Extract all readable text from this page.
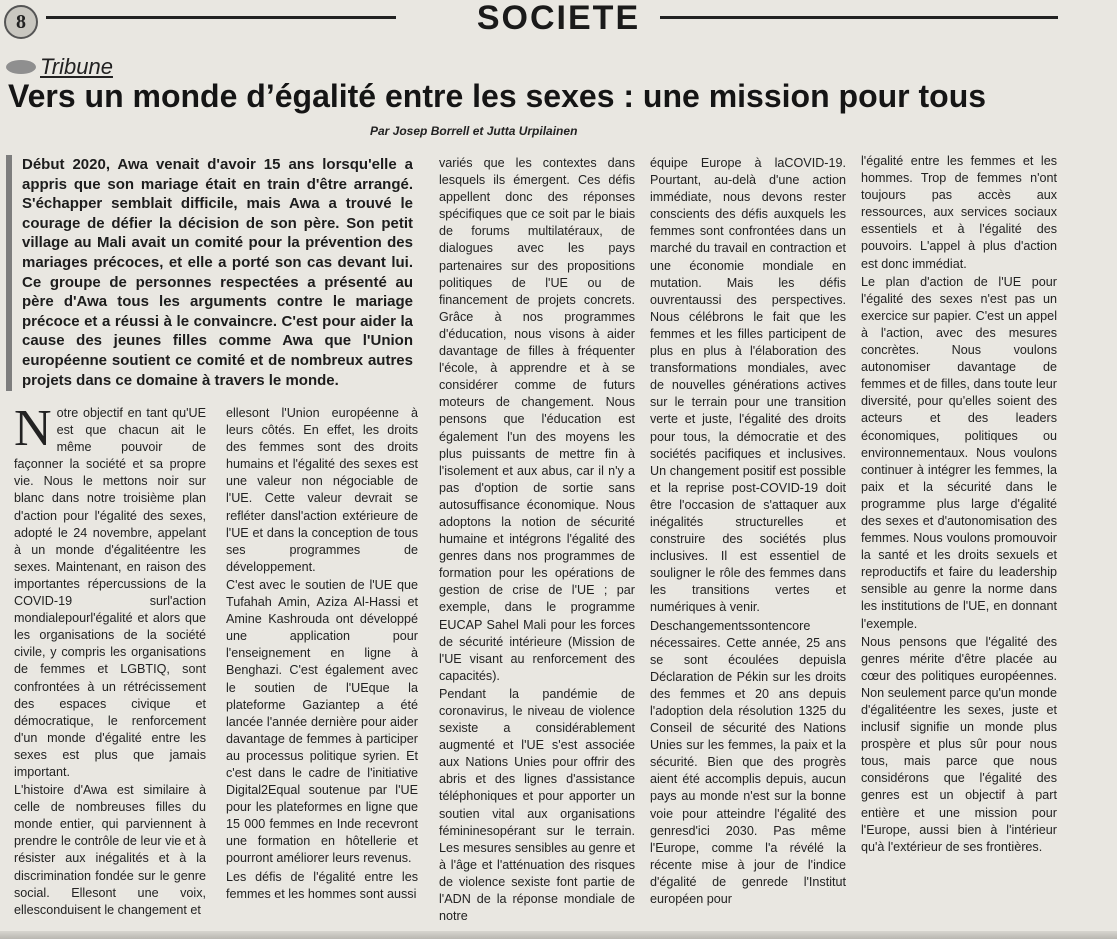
8	SOCIETE
Tribune
Vers un monde d’égalité entre les sexes : une mission pour tous
Par Josep Borrell et Jutta Urpilainen
Début 2020, Awa venait d'avoir 15 ans lorsqu'elle a appris que son mariage était en train d'être arrangé. S'échapper semblait difficile, mais Awa a trouvé le courage de défier la décision de son père. Son petit village au Mali avait un comité pour la prévention des mariages précoces, et elle a porté son cas devant lui. Ce groupe de personnes respectées a présenté au père d'Awa tous les arguments contre le mariage précoce et a réussi à le convaincre. C'est pour aider la cause des jeunes filles comme Awa que l'Union européenne soutient ce comité et de nombreux autres projets dans ce domaine à travers le monde.

Notre objectif en tant qu'UE est que chacun ait le même pouvoir de façonner la société et sa propre vie. Nous le mettons noir sur blanc dans notre troisième plan d'action pour l'égalité des sexes, adopté le 24 novembre, appelant à un monde d'égalitéentre les sexes. Maintenant, en raison des importantes répercussions de la COVID-19 surl'action mondialepourl'égalité et alors que les organisations de la société civile, y compris les organisations de femmes et LGBTIQ, sont confrontées à un rétrécissement des espaces civique et démocratique, le renforcement d'un monde d'égalité entre les sexes est plus que jamais important.

L'histoire d'Awa est similaire à celle de nombreuses filles du monde entier, qui parviennent à prendre le contrôle de leur vie et à résister aux inégalités et à la discrimination fondée sur le genre social. Ellesont une voix, ellesconduisent le changement et

ellesont l'Union européenne à leurs côtés. En effet, les droits des femmes sont des droits humains et l'égalité des sexes est une valeur non négociable de l'UE. Cette valeur devrait se refléter dansl'action extérieure de l'UE et dans la conception de tous ses programmes de développement.

C'est avec le soutien de l'UE que Tufahah Amin, Aziza Al-Hassi et Amine Kashrouda ont développé une application pour l'enseignement en ligne à Benghazi. C'est également avec le soutien de l'UEque la plateforme Gaziantep a été lancée l'année dernière pour aider davantage de femmes à participer au processus politique syrien. Et c'est dans le cadre de l'initiative Digital2Equal soutenue par l'UE pour les plateformes en ligne que 15 000 femmes en Inde recevront une formation en hôtellerie et pourront améliorer leurs revenus.

Les défis de l'égalité entre les femmes et les hommes sont aussi

variés que les contextes dans lesquels ils émergent. Ces défis appellent donc des réponses spécifiques que ce soit par le biais de forums multilatéraux, de dialogues avec les pays partenaires sur des propositions politiques de l'UE ou de financement de projets concrets. Grâce à nos programmes d'éducation, nous visons à aider davantage de filles à fréquenter l'école, à apprendre et à se considérer comme de futurs moteurs de changement. Nous pensons que l'éducation est également l'un des moyens les plus puissants de mettre fin à l'isolement et aux abus, car il n'y a pas d'option de sortie sans autosuffisance économique. Nous adoptons la notion de sécurité humaine et intégrons l'égalité des genres dans nos programmes de formation pour les opérations de gestion de crise de l'UE ; par exemple, dans le programme EUCAP Sahel Mali pour les forces de sécurité intérieure (Mission de l'UE visant au renforcement des capacités).

Pendant la pandémie de coronavirus, le niveau de violence sexiste a considérablement augmenté et l'UE s'est associée aux Nations Unies pour offrir des abris et des lignes d'assistance téléphoniques et pour apporter un soutien vital aux organisations fémininesopérant sur le terrain. Les mesures sensibles au genre et à l'âge et l'atténuation des risques de violence sexiste font partie de l'ADN de la réponse mondiale de notre

équipe Europe à laCOVID-19. Pourtant, au-delà d'une action immédiate, nous devons rester conscients des défis auxquels les femmes sont confrontées dans un marché du travail en contraction et une économie mondiale en mutation. Mais les défis ouvrentaussi des perspectives. Nous célébrons le fait que les femmes et les filles participent de plus en plus à l'élaboration des transformations mondiales, avec de nouvelles générations actives sur le terrain pour une transition verte et juste, l'égalité des droits pour tous, la démocratie et des sociétés pacifiques et inclusives. Un changement positif est possible et la reprise post-COVID-19 doit être l'occasion de s'attaquer aux inégalités structurelles et construire des sociétés plus inclusives. Il est essentiel de souligner le rôle des femmes dans les transitions vertes et numériques à venir.

Deschangementssontencore nécessaires. Cette année, 25 ans se sont écoulées depuisla Déclaration de Pékin sur les droits des femmes et 20 ans depuis l'adoption dela résolution 1325 du Conseil de sécurité des Nations Unies sur les femmes, la paix et la sécurité. Bien que des progrès aient été accomplis depuis, aucun pays au monde n'est sur la bonne voie pour atteindre l'égalité des genresd'ici 2030. Pas même l'Europe, comme l'a révélé la récente mise à jour de l'indice d'égalité de genrede l'Institut européen pour

l'égalité entre les femmes et les hommes. Trop de femmes n'ont toujours pas accès aux ressources, aux services sociaux essentiels et à l'égalité des pouvoirs. L'appel à plus d'action est donc immédiat.

Le plan d'action de l'UE pour l'égalité des sexes n'est pas un exercice sur papier. C'est un appel à l'action, avec des mesures concrètes. Nous voulons autonomiser davantage de femmes et de filles, dans toute leur diversité, pour qu'elles soient des acteurs et des leaders économiques, politiques ou environnementaux. Nous voulons continuer à intégrer les femmes, la paix et la sécurité dans le programme plus large d'égalité des sexes et d'autonomisation des femmes. Nous voulons promouvoir la santé et les droits sexuels et reproductifs et faire du leadership sensible au genre la norme dans les institutions de l'UE, en donnant l'exemple.

Nous pensons que l'égalité des genres mérite d'être placée au cœur des politiques européennes. Non seulement parce qu'un monde d'égalitéentre les sexes, juste et inclusif signifie un monde plus prospère et plus sûr pour nous tous, mais parce que nous considérons que l'égalité des genres est un objectif à part entière et une mission pour l'Europe, aussi bien à l'intérieur qu'à l'extérieur de ses frontières.
